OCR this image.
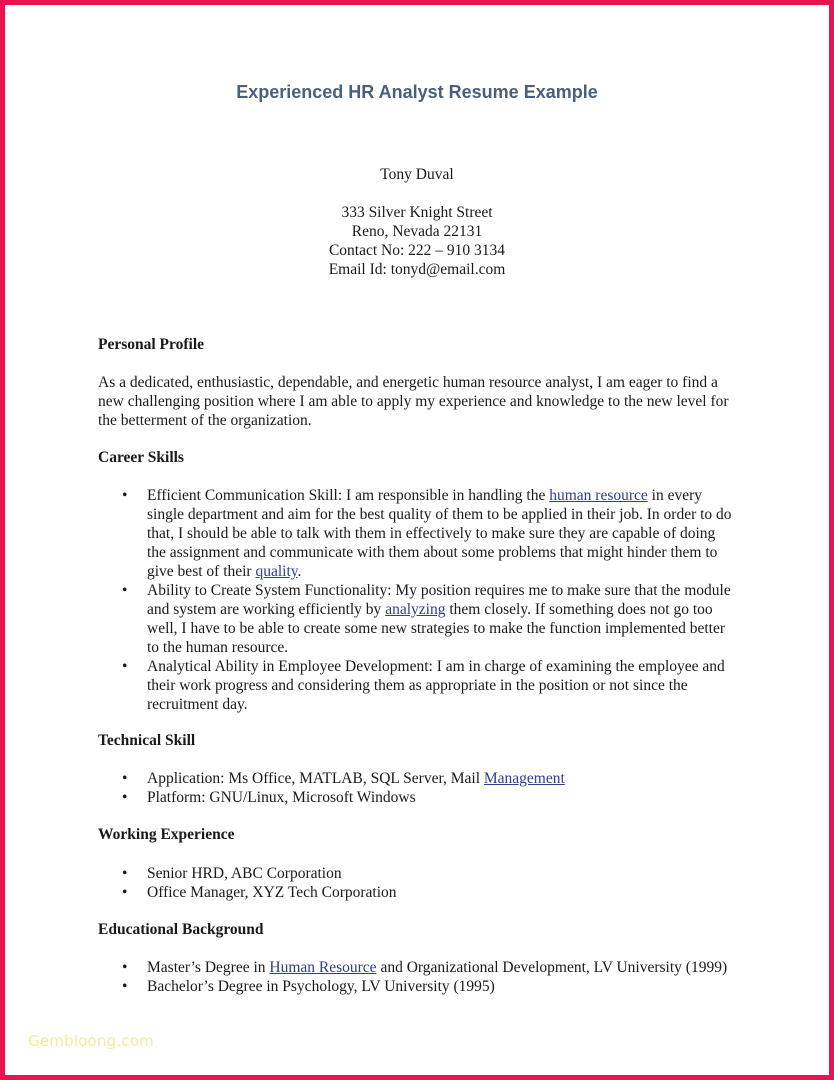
Experienced HR Analyst Resume Example
Tony Duval
333 Silver Knight Street
Reno, Nevada 22131
Contact No: 222 – 910 3134
Email Id: tonyd@email.com
Personal Profile

As a dedicated, enthusiastic, dependable, and energetic human resource analyst, I am eager to find a new challenging position where I am able to apply my experience and knowledge to the new level for the betterment of the organization.

Career Skills
• Efficient Communication Skill: I am responsible in handling the human resource in every single department and aim for the best quality of them to be applied in their job. In order to do that, I should be able to talk with them in effectively to make sure they are capable of doing the assignment and communicate with them about some problems that might hinder them to give best of their quality.
• Ability to Create System Functionality: My position requires me to make sure that the module and system are working efficiently by analyzing them closely. If something does not go too well, I have to be able to create some new strategies to make the function implemented better to the human resource.
• Analytical Ability in Employee Development: I am in charge of examining the employee and their work progress and considering them as appropriate in the position or not since the recruitment day.
Technical Skill
• Application: Ms Office, MATLAB, SQL Server, Mail Management
• Platform: GNU/Linux, Microsoft Windows
Working Experience
• Senior HRD, ABC Corporation
• Office Manager, XYZ Tech Corporation
Educational Background
• Master’s Degree in Human Resource and Organizational Development, LV University (1999)
• Bachelor’s Degree in Psychology, LV University (1995)
Gembloong.com
